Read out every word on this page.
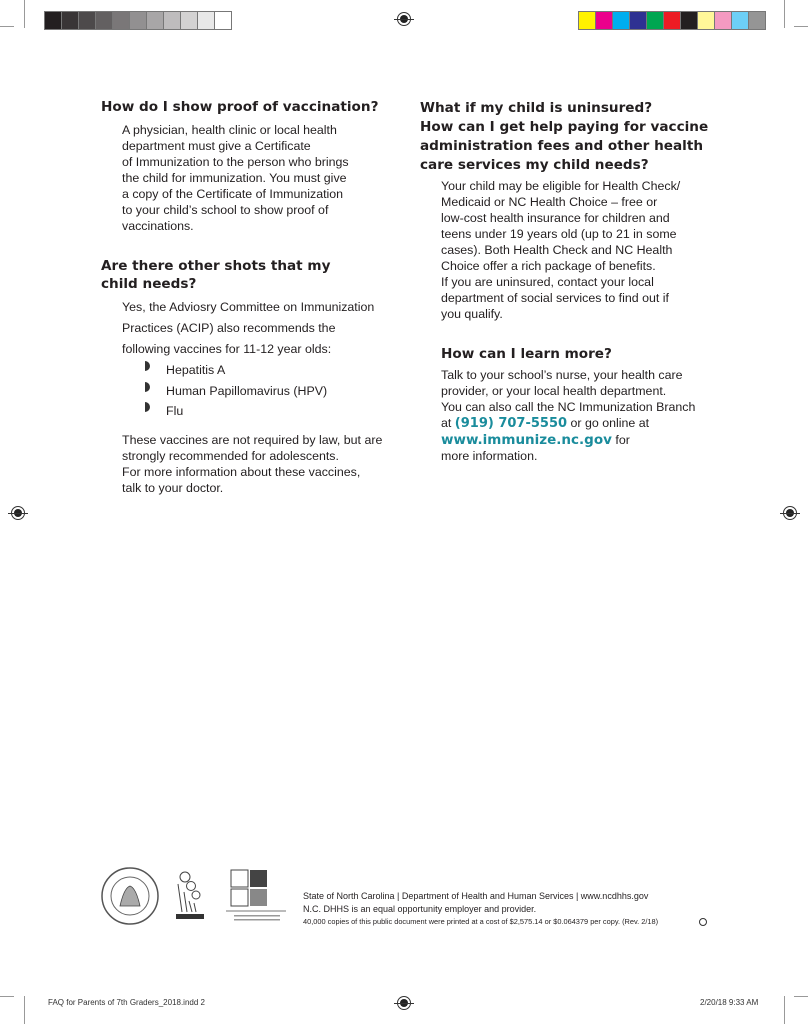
How do I show proof of vaccination?
A physician, health clinic or local health
department must give a Certificate
of Immunization to the person who brings
the child for immunization. You must give
a copy of the Certificate of Immunization
to your child’s school to show proof of
vaccinations.
Are there other shots that my
child needs?
Yes, the Adviosry Committee on Immunization
Practices (ACIP) also recommends the
following vaccines for 11-12 year olds:
Hepatitis A
Human Papillomavirus (HPV)
Flu
These vaccines are not required by law, but are
strongly recommended for adolescents.
For more information about these vaccines,
talk to your doctor.
What if my child is uninsured?
How can I get help paying for vaccine
administration fees and other health
care services my child needs?
Your child may be eligible for Health Check/
Medicaid or NC Health Choice – free or
low-cost health insurance for children and
teens under 19 years old (up to 21 in some
cases). Both Health Check and NC Health
Choice offer a rich package of benefits.
If you are uninsured, contact your local
department of social services to find out if
you qualify.
How can I learn more?
Talk to your school’s nurse, your health care
provider, or your local health department.
You can also call the NC Immunization Branch
at (919) 707-5550 or go online at
www.immunize.nc.gov for
more information.
State of North Carolina | Department of Health and Human Services | www.ncdhhs.gov
N.C. DHHS is an equal opportunity employer and provider.
40,000 copies of this public document were printed at a cost of $2,575.14 or $0.064379 per copy. (Rev. 2/18)
FAQ for Parents of 7th Graders_2018.indd 2	2/20/18 9:33 AM
